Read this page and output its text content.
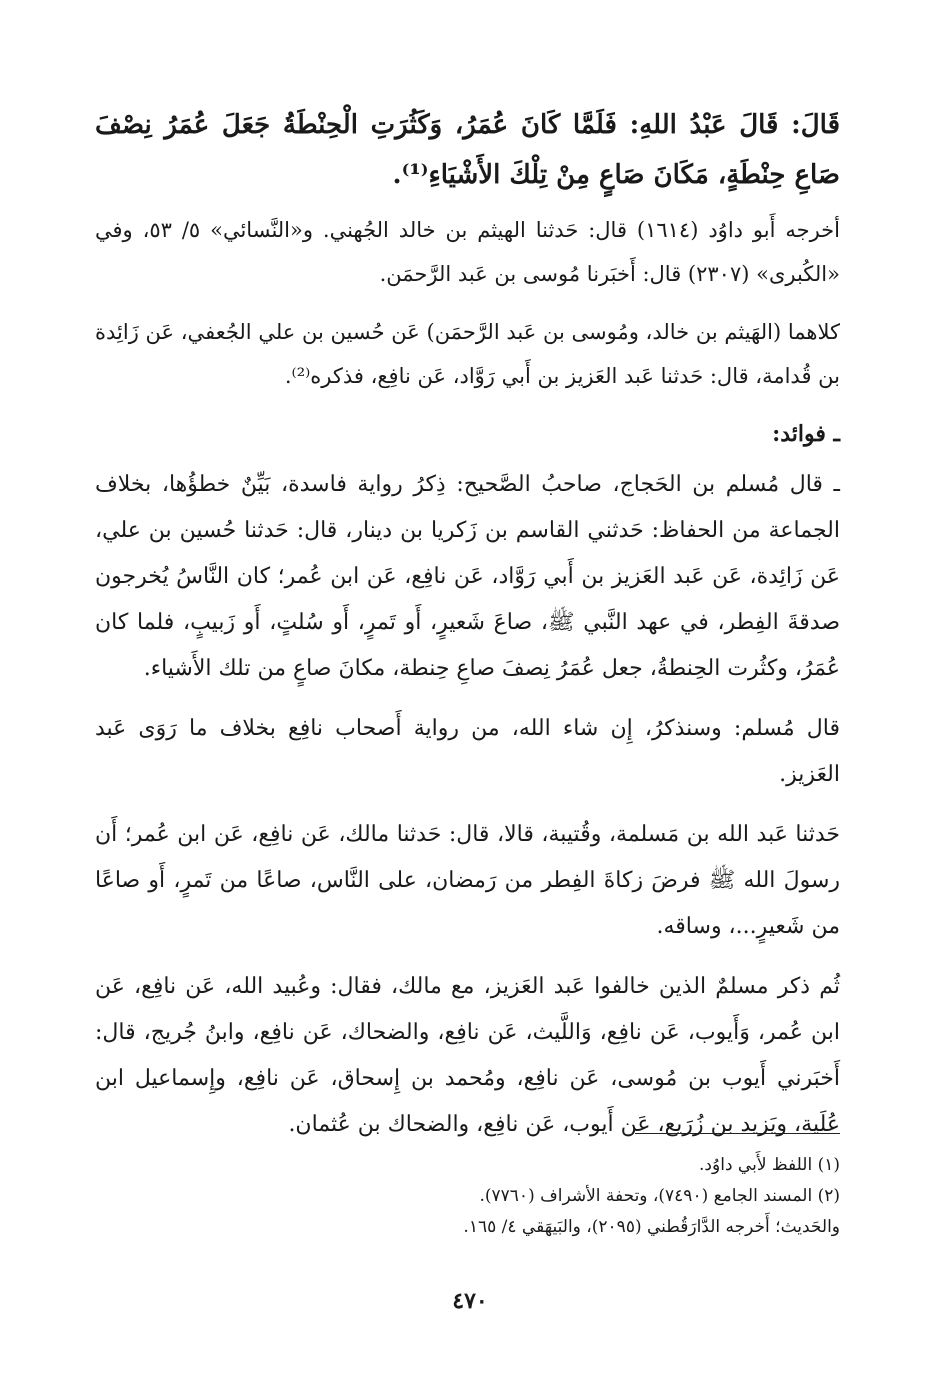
قَالَ: قَالَ عَبْدُ اللهِ: فَلَمَّا كَانَ عُمَرُ، وَكَثُرَتِ الْحِنْطَةُ جَعَلَ عُمَرُ نِصْفَ صَاعِ حِنْطَةٍ، مَكَانَ صَاعٍ مِنْ تِلْكَ الأَشْيَاءِ⁽¹⁾.

أخرجه أَبو داوُد (١٦١٤) قال: حَدثنا الهيثم بن خالد الجُهني. و«النَّسائي» ٥/ ٥٣، وفي «الكُبرى» (٢٣٠٧) قال: أَخبَرنا مُوسى بن عَبد الرَّحمَن.

كلاهما (الهَيثم بن خالد، ومُوسى بن عَبد الرَّحمَن) عَن حُسين بن علي الجُعفي، عَن زَائِدة بن قُدامة، قال: حَدثنا عَبد العَزيز بن أَبي رَوَّاد، عَن نافِع، فذكره⁽²⁾.

ـ فوائد:

ـ قال مُسلم بن الحَجاج، صاحبُ الصَّحيح: ذِكرُ رواية فاسدة، بَيِّنٌ خطؤُها، بخلاف الجماعة من الحفاظ: حَدثني القاسم بن زَكريا بن دينار، قال: حَدثنا حُسين بن علي، عَن زَائِدة، عَن عَبد العَزيز بن أَبي رَوَّاد، عَن نافِع، عَن ابن عُمر؛ كان النَّاسُ يُخرجون صدقةَ الفِطر، في عهد النَّبي ﷺ، صاعَ شَعيرٍ، أَو تَمرٍ، أَو سُلتٍ، أَو زَبيبٍ، فلما كان عُمَرُ، وكثُرت الحِنطةُ، جعل عُمَرُ نِصفَ صاعِ حِنطة، مكانَ صاعٍ من تلك الأَشياء.

قال مُسلم: وسنذكرُ، إِن شاء الله، من رواية أَصحاب نافِع بخلاف ما رَوَى عَبد العَزيز.

حَدثنا عَبد الله بن مَسلمة، وقُتيبة، قالا، قال: حَدثنا مالك، عَن نافِع، عَن ابن عُمر؛ أَن رسولَ الله ﷺ فرضَ زكاةَ الفِطر من رَمضان، على النَّاس، صاعًا من تَمرٍ، أَو صاعًا من شَعيرٍ...، وساقه.

ثُم ذكر مسلمٌ الذين خالفوا عَبد العَزيز، مع مالك، فقال: وعُبيد الله، عَن نافِع، عَن ابن عُمر، وَأَيوب، عَن نافِع، وَاللَّيث، عَن نافِع، والضحاك، عَن نافِع، وابنُ جُريج، قال: أَخبَرني أَيوب بن مُوسى، عَن نافِع، ومُحمد بن إِسحاق، عَن نافِع، وإِسماعيل ابن عُلَية، ويَزيد بن زُرَيع، عَن أَيوب، عَن نافِع، والضحاك بن عُثمان.

(١) اللفظ لأَبي داوُد.

(٢) المسند الجامع (٧٤٩٠)، وتحفة الأشراف (٧٧٦٠).

والحَديث؛ أَخرجه الدَّارَقُطني (٢٠٩٥)، والبَيهَقي ٤/ ١٦٥.

٤٧٠
